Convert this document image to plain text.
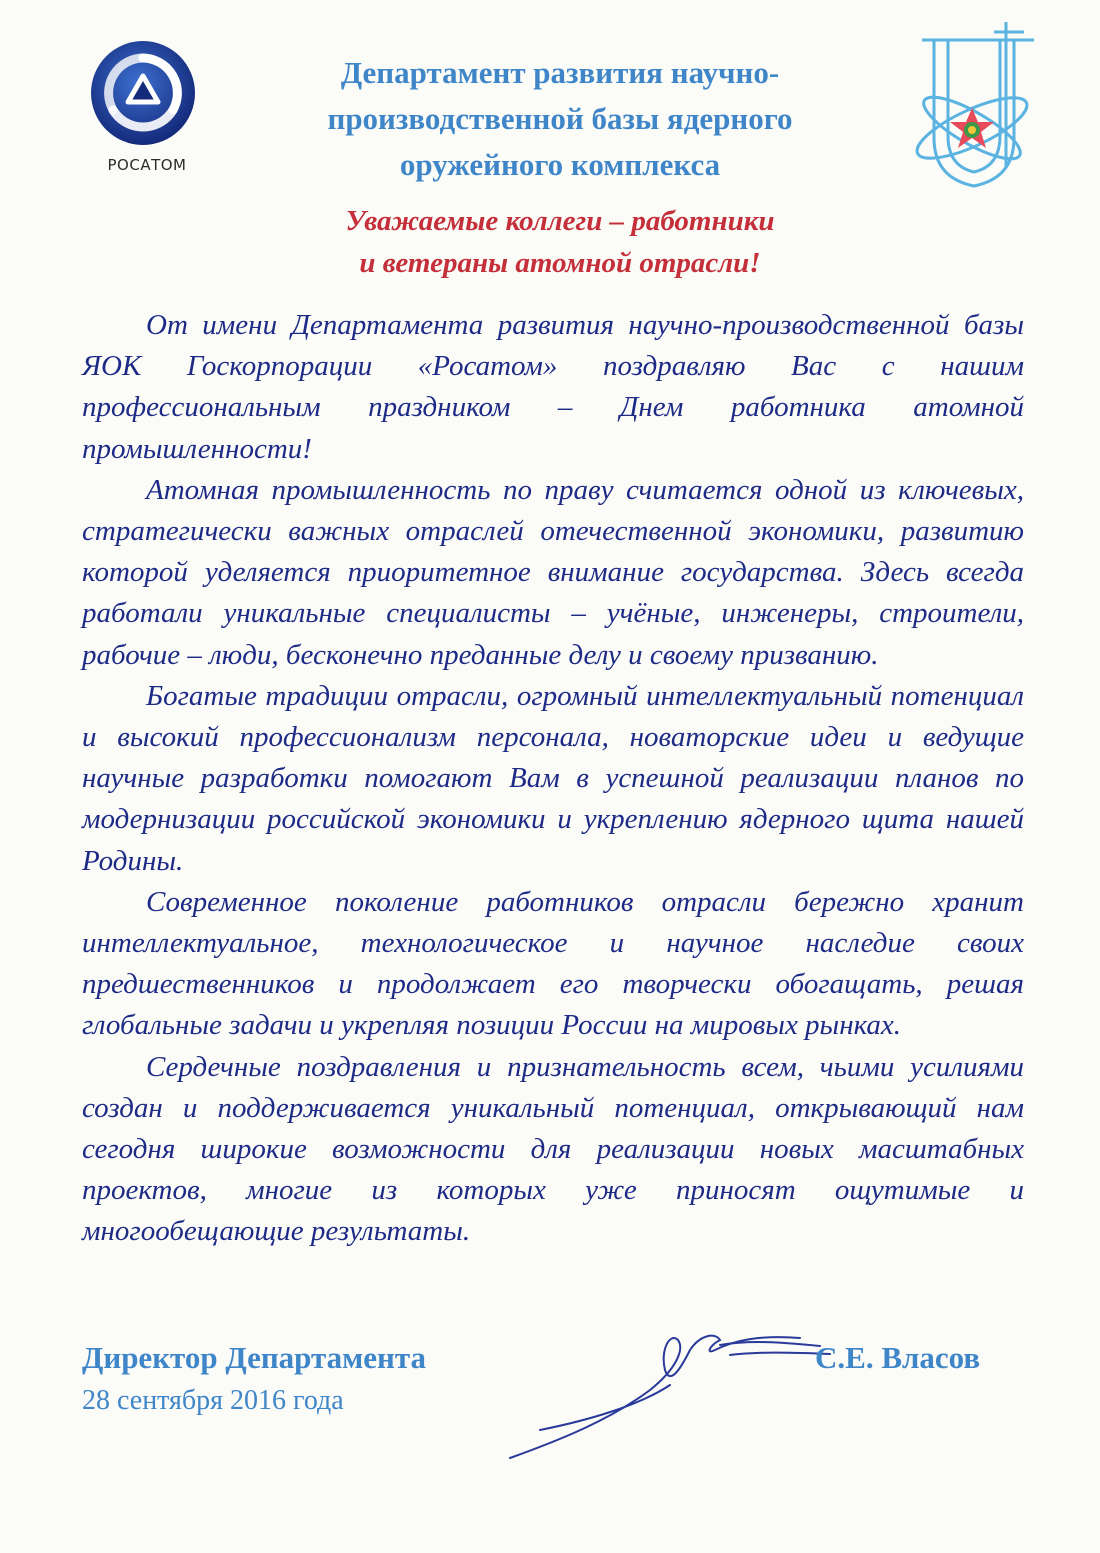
РОСАТОМ
Департамент развития научно-
производственной базы ядерного
оружейного комплекса
Уважаемые коллеги – работники
и ветераны атомной отрасли!

От имени Департамента развития научно-производственной базы ЯОК Госкорпорации «Росатом» поздравляю Вас с нашим профессиональным праздником – Днем работника атомной промышленности!

Атомная промышленность по праву считается одной из ключевых, стратегически важных отраслей отечественной экономики, развитию которой уделяется приоритетное внимание государства. Здесь всегда работали уникальные специалисты – учёные, инженеры, строители, рабочие – люди, бесконечно преданные делу и своему призванию.

Богатые традиции отрасли, огромный интеллектуальный потенциал и высокий профессионализм персонала, новаторские идеи и ведущие научные разработки помогают Вам в успешной реализации планов по модернизации российской экономики и укреплению ядерного щита нашей Родины.

Современное поколение работников отрасли бережно хранит интеллектуальное, технологическое и научное наследие своих предшественников и продолжает его творчески обогащать, решая глобальные задачи и укрепляя позиции России на мировых рынках.

Сердечные поздравления и признательность всем, чьими усилиями создан и поддерживается уникальный потенциал, открывающий нам сегодня широкие возможности для реализации новых масштабных проектов, многие из которых уже приносят ощутимые и многообещающие результаты.

Директор Департамента
28 сентября 2016 года
С.Е. Власов
